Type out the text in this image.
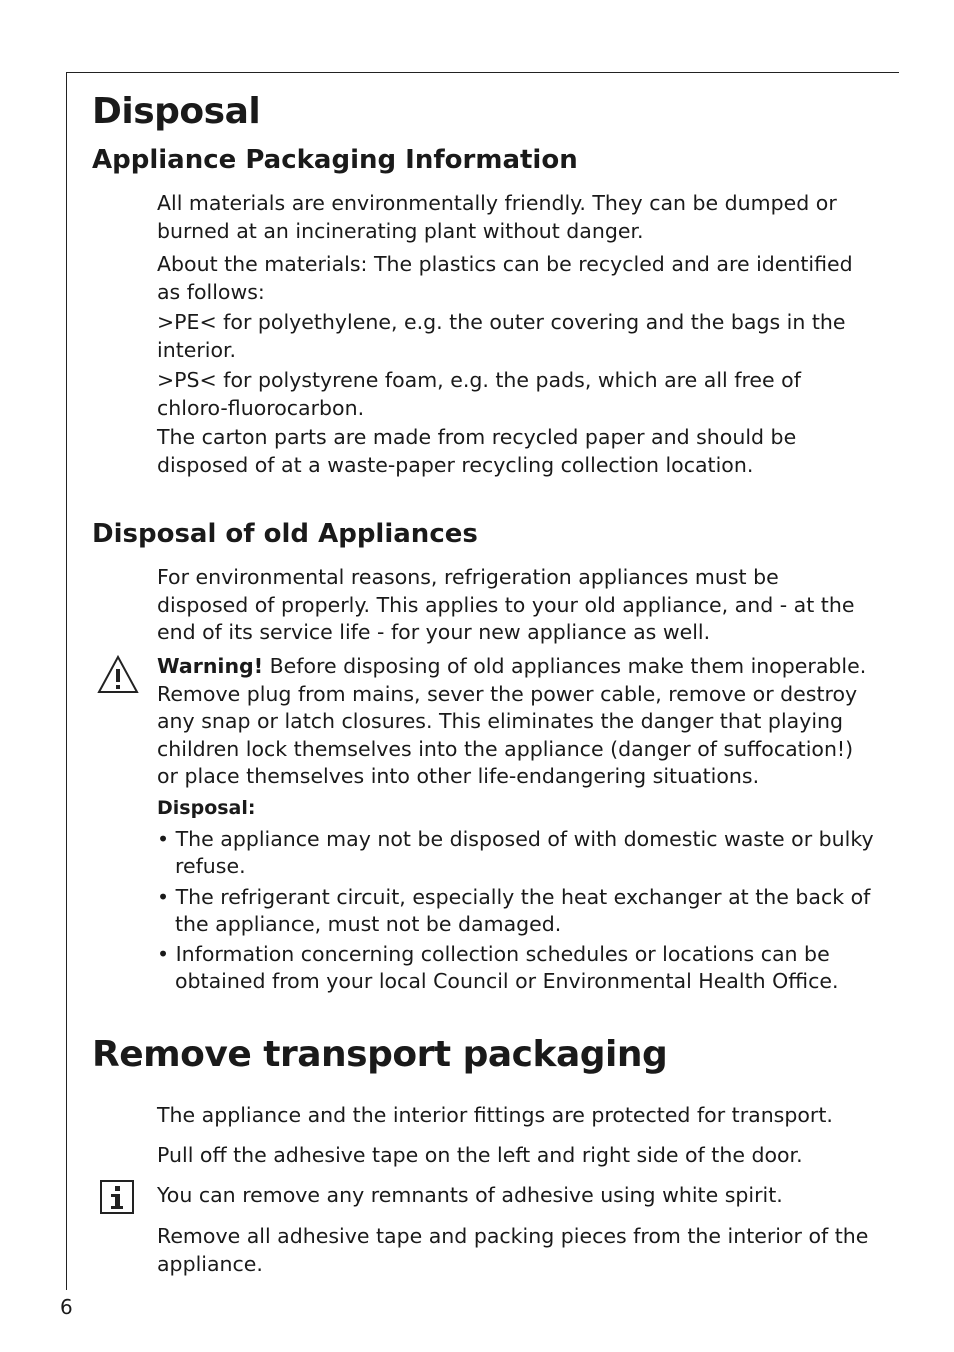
Disposal
Appliance Packaging Information

All materials are environmentally friendly. They can be dumped or burned at an incinerating plant without danger.

About the materials: The plastics can be recycled and are identified as follows:

>PE< for polyethylene, e.g. the outer covering and the bags in the interior.

>PS< for polystyrene foam, e.g. the pads, which are all free of chloro-fluorocarbon.

The carton parts are made from recycled paper and should be disposed of at a waste-paper recycling collection location.

Disposal of old Appliances

For environmental reasons, refrigeration appliances must be disposed of properly. This applies to your old appliance, and - at the end of its service life - for your new appliance as well.

Warning! Before disposing of old appliances make them inoperable. Remove plug from mains, sever the power cable, remove or destroy any snap or latch closures. This eliminates the danger that playing children lock themselves into the appliance (danger of suffocation!) or place themselves into other life-endangering situations.

Disposal:

• The appliance may not be disposed of with domestic waste or bulky refuse.

• The refrigerant circuit, especially the heat exchanger at the back of the appliance, must not be damaged.

• Information concerning collection schedules or locations can be obtained from your local Council or Environmental Health Office.

Remove transport packaging

The appliance and the interior fittings are protected for transport.

Pull off the adhesive tape on the left and right side of the door.

You can remove any remnants of adhesive using white spirit.

Remove all adhesive tape and packing pieces from the interior of the appliance.

6
